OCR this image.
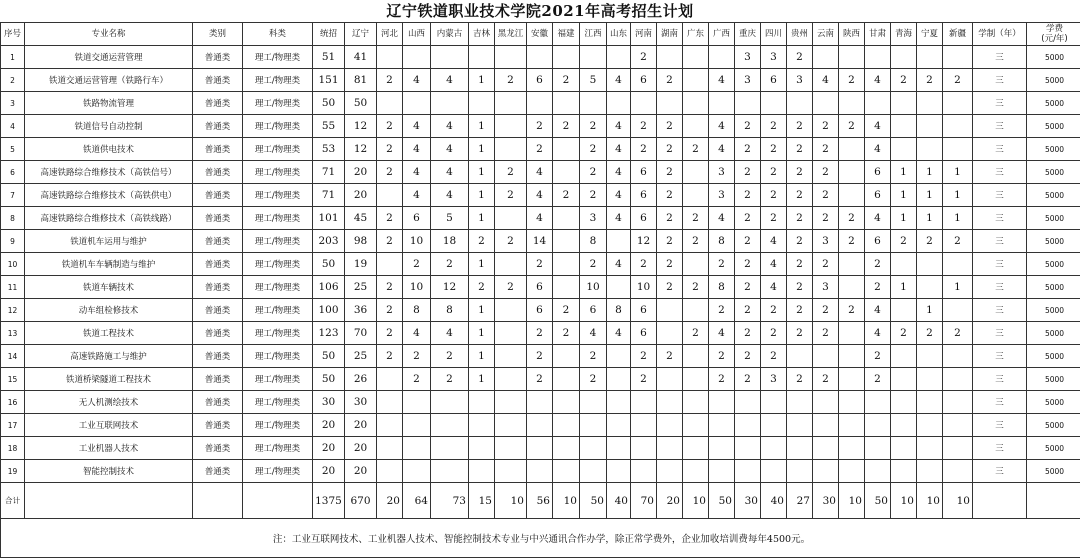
辽宁铁道职业技术学院2021年高考招生计划
序号	专业名称	类别	科类	统招	辽宁	河北	山西	内蒙古	吉林	黑龙江	安徽	福建	江西	山东	河南	湖南	广东	广西	重庆	四川	贵州	云南	陕西	甘肃	青海	宁夏	新疆	学制（年）	学费
(元/年)
1	铁道交通运营管理	普通类	理工/物理类	51	41										2				3	3	2							三	5000
2	铁道交通运营管理（铁路行车）	普通类	理工/物理类	151	81	2	4	4	1	2	6	2	5	4	6	2		4	3	6	3	4	2	4	2	2	2	三	5000
3	铁路物流管理	普通类	理工/物理类	50	50																							三	5000
4	铁道信号自动控制	普通类	理工/物理类	55	12	2	4	4	1		2	2	2	4	2	2		4	2	2	2	2	2	4				三	5000
5	铁道供电技术	普通类	理工/物理类	53	12	2	4	4	1		2		2	4	2	2	2	4	2	2	2	2		4				三	5000
6	高速铁路综合维修技术（高铁信号）	普通类	理工/物理类	71	20	2	4	4	1	2	4		2	4	6	2		3	2	2	2	2		6	1	1	1	三	5000
7	高速铁路综合维修技术（高铁供电）	普通类	理工/物理类	71	20		4	4	1	2	4	2	2	4	6	2		3	2	2	2	2		6	1	1	1	三	5000
8	高速铁路综合维修技术（高铁线路）	普通类	理工/物理类	101	45	2	6	5	1		4		3	4	6	2	2	4	2	2	2	2	2	4	1	1	1	三	5000
9	铁道机车运用与维护	普通类	理工/物理类	203	98	2	10	18	2	2	14		8		12	2	2	8	2	4	2	3	2	6	2	2	2	三	5000
10	铁道机车车辆制造与维护	普通类	理工/物理类	50	19		2	2	1		2		2	4	2	2		2	2	4	2	2		2				三	5000
11	铁道车辆技术	普通类	理工/物理类	106	25	2	10	12	2	2	6		10		10	2	2	8	2	4	2	3		2	1		1	三	5000
12	动车组检修技术	普通类	理工/物理类	100	36	2	8	8	1		6	2	6	8	6			2	2	2	2	2	2	4		1		三	5000
13	铁道工程技术	普通类	理工/物理类	123	70	2	4	4	1		2	2	4	4	6		2	4	2	2	2	2		4	2	2	2	三	5000
14	高速铁路施工与维护	普通类	理工/物理类	50	25	2	2	2	1		2		2		2	2		2	2	2				2				三	5000
15	铁道桥梁隧道工程技术	普通类	理工/物理类	50	26		2	2	1		2		2		2			2	2	3	2	2		2				三	5000
16	无人机测绘技术	普通类	理工/物理类	30	30																							三	5000
17	工业互联网技术	普通类	理工/物理类	20	20																							三	5000
18	工业机器人技术	普通类	理工/物理类	20	20																							三	5000
19	智能控制技术	普通类	理工/物理类	20	20																							三	5000
合计				1375	670	20	64	73	15	10	56	10	50	40	70	20	10	50	30	40	27	30	10	50	10	10	10		
注：工业互联网技术、工业机器人技术、智能控制技术专业与中兴通讯合作办学，除正常学费外，企业加收培训费每年4500元。																													
